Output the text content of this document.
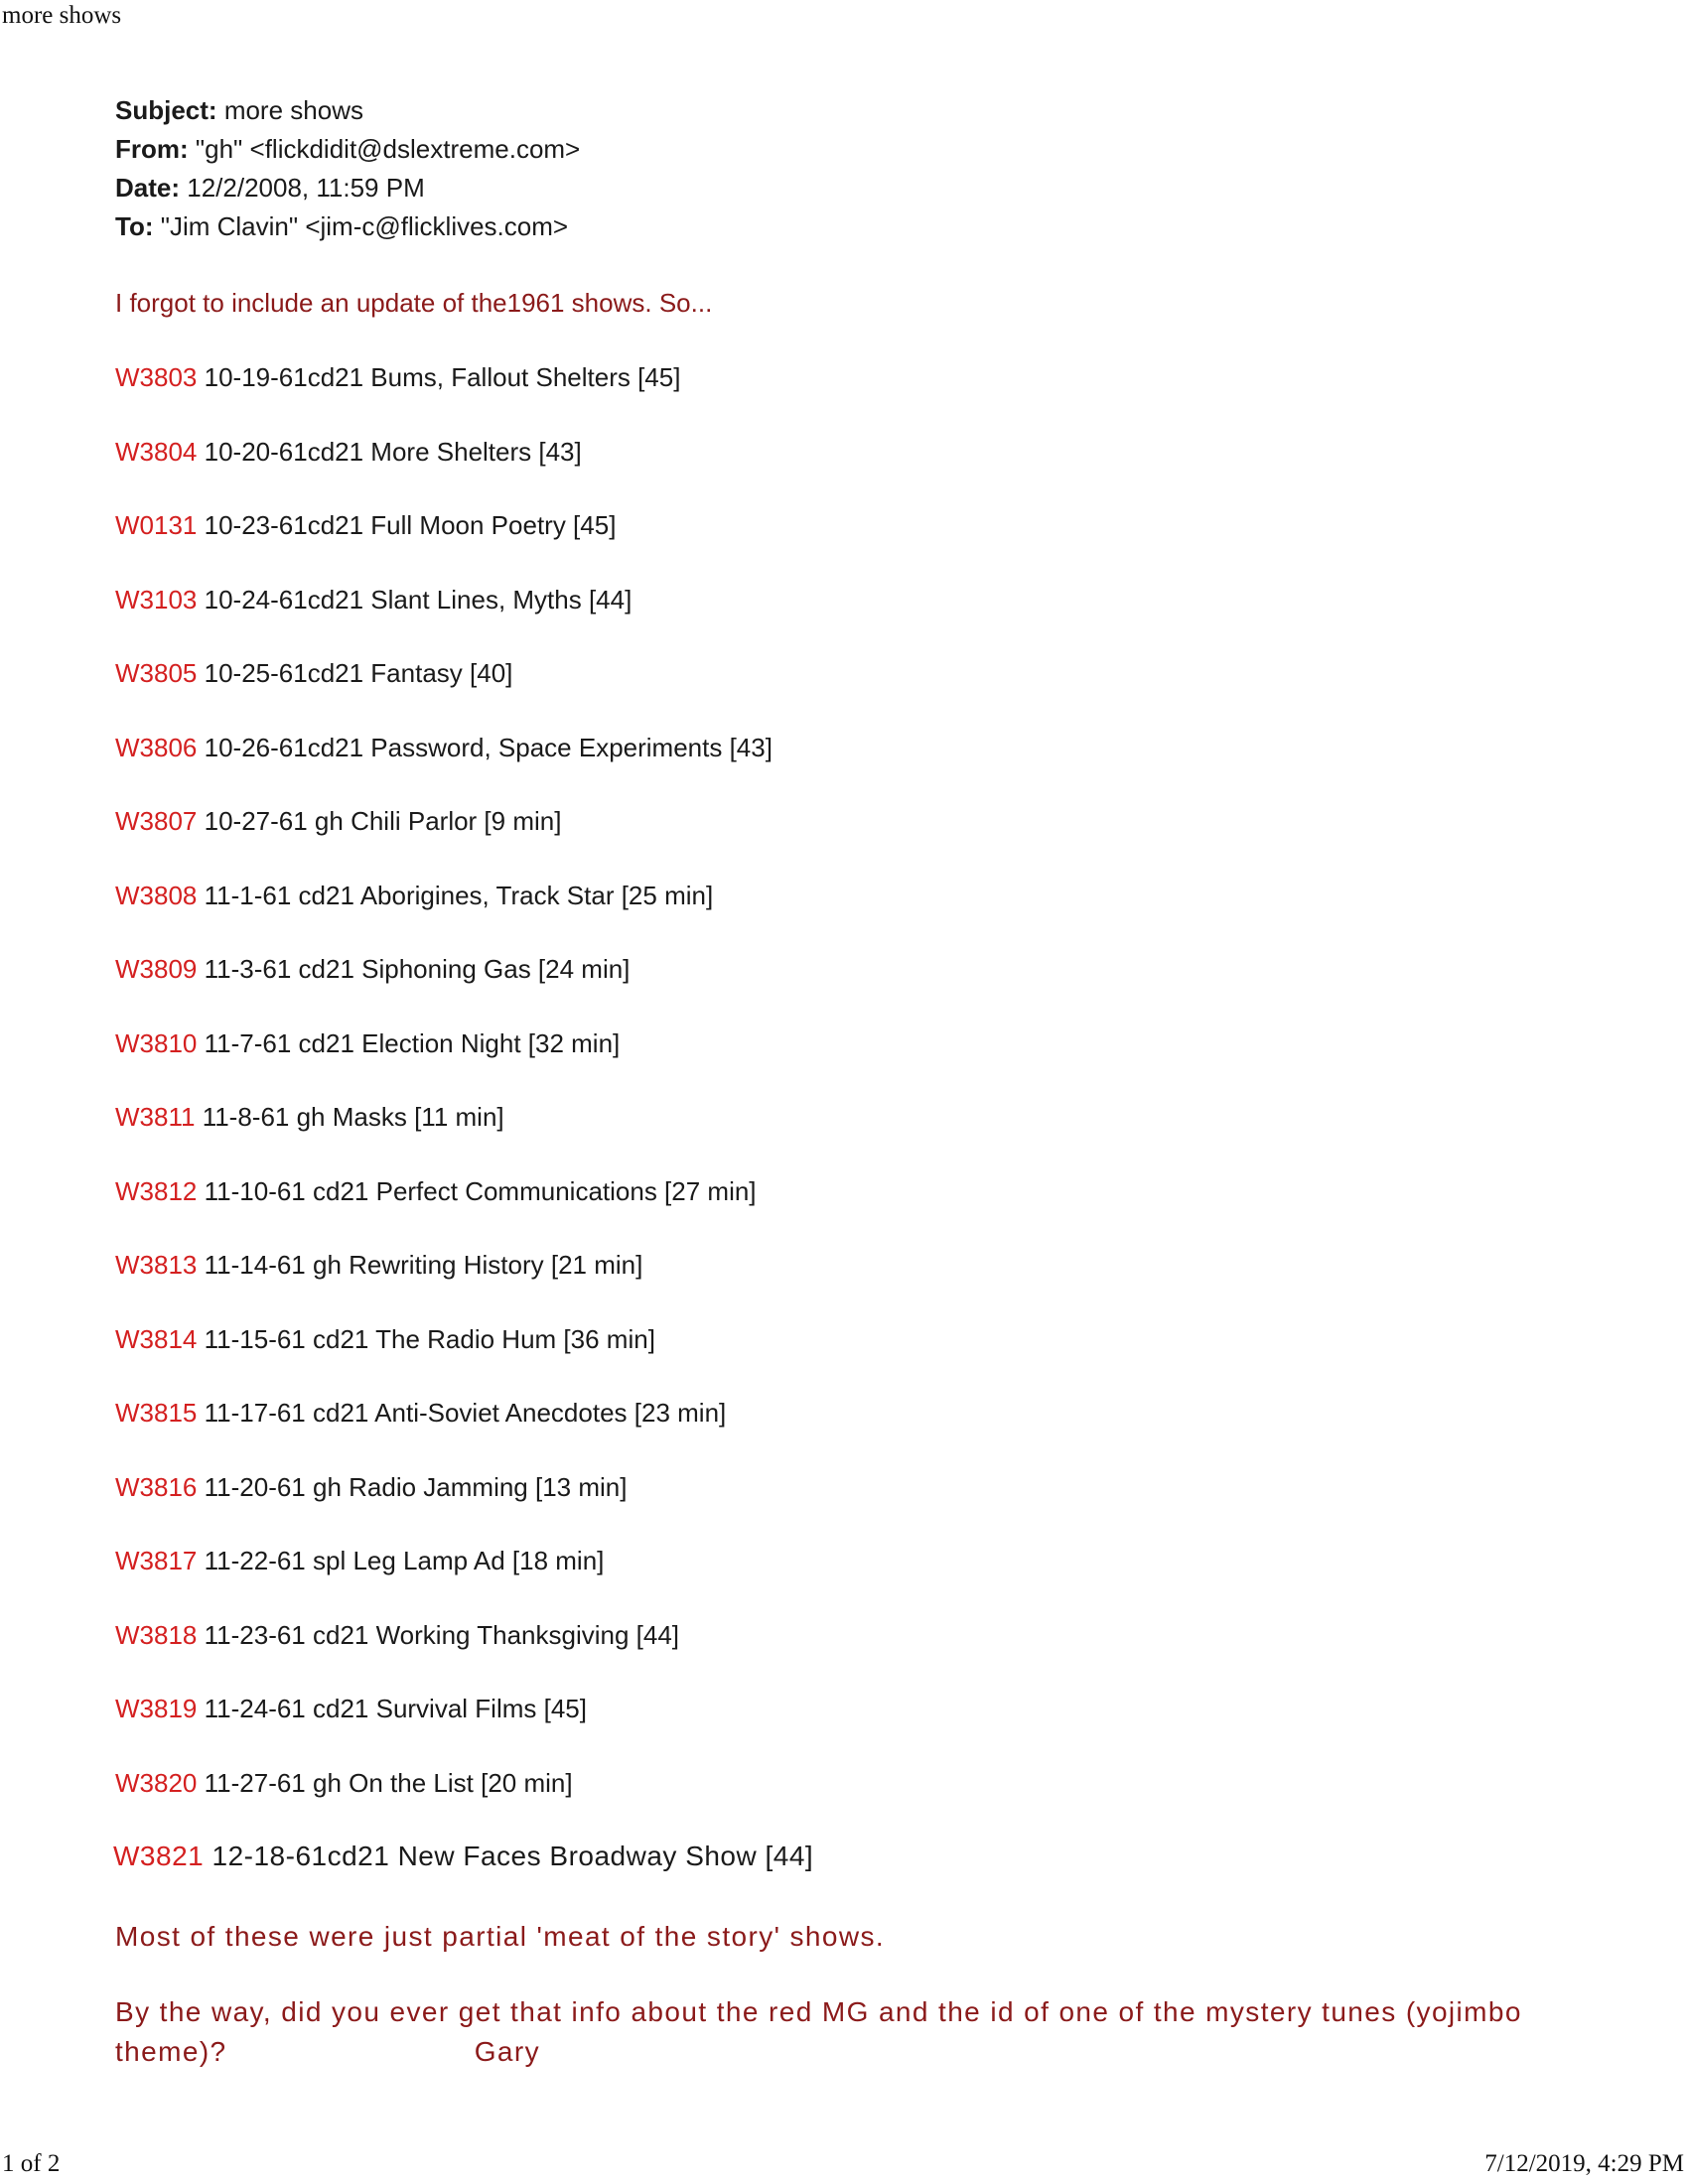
more shows
Subject: more shows
From: "gh" <flickdidit@dslextreme.com>
Date: 12/2/2008, 11:59 PM
To: "Jim Clavin" <jim-c@flicklives.com>
I forgot to include an update of the1961 shows. So...
W3803 10-19-61cd21 Bums, Fallout Shelters [45]
W3804 10-20-61cd21 More Shelters [43]
W0131 10-23-61cd21 Full Moon Poetry [45]
W3103 10-24-61cd21 Slant Lines, Myths [44]
W3805 10-25-61cd21 Fantasy [40]
W3806 10-26-61cd21 Password, Space Experiments [43]
W3807 10-27-61 gh Chili Parlor [9 min]
W3808 11-1-61 cd21 Aborigines, Track Star [25 min]
W3809 11-3-61 cd21 Siphoning Gas [24 min]
W3810 11-7-61 cd21 Election Night [32 min]
W3811 11-8-61 gh Masks [11 min]
W3812 11-10-61 cd21 Perfect Communications [27 min]
W3813 11-14-61 gh Rewriting History [21 min]
W3814 11-15-61 cd21 The Radio Hum [36 min]
W3815 11-17-61 cd21 Anti-Soviet Anecdotes [23 min]
W3816 11-20-61 gh Radio Jamming [13 min]
W3817 11-22-61 spl Leg Lamp Ad [18 min]
W3818 11-23-61 cd21 Working Thanksgiving [44]
W3819 11-24-61 cd21 Survival Films [45]
W3820 11-27-61 gh On the List [20 min]
W3821 12-18-61cd21 New Faces Broadway Show [44]
Most of these were just partial 'meat of the story' shows.
By the way, did you ever get that info about the red MG and the id of one of the mystery tunes (yojimbo theme)?	Gary
1 of 2	7/12/2019, 4:29 PM
